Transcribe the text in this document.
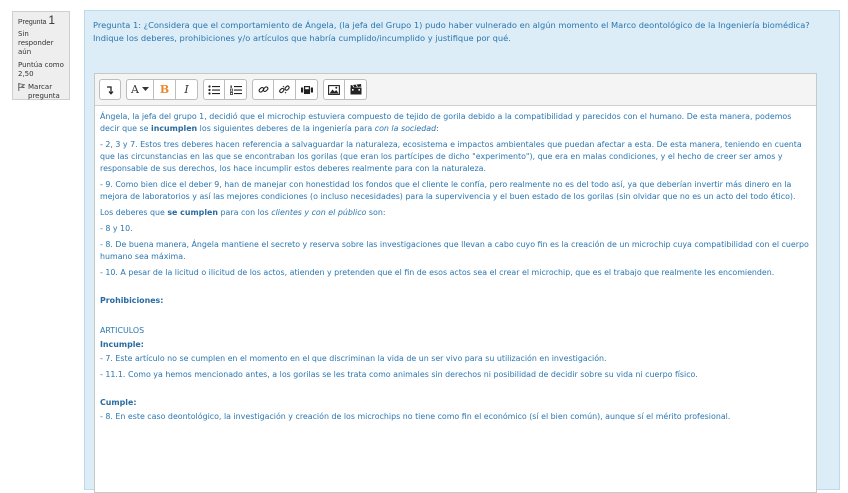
Pregunta 1
Sin responder aún
Puntúa como 2,50
Marcar pregunta
Pregunta 1: ¿Considera que el comportamiento de Ángela, (la jefa del Grupo 1) pudo haber vulnerado en algún momento el Marco deontológico de la Ingeniería biomédica? Indique los deberes, prohibiciones y/o artículos que habría cumplido/incumplido y justifique por qué.
A B I

Ángela, la jefa del grupo 1, decidió que el microchip estuviera compuesto de tejido de gorila debido a la compatibilidad y parecidos con el humano. De esta manera, podemos decir que se incumplen los siguientes deberes de la ingeniería para con la sociedad:

- 2, 3 y 7. Estos tres deberes hacen referencia a salvaguardar la naturaleza, ecosistema e impactos ambientales que puedan afectar a esta. De esta manera, teniendo en cuenta que las circunstancias en las que se encontraban los gorilas (que eran los partícipes de dicho "experimento"), que era en malas condiciones, y el hecho de creer ser amos y responsable de sus derechos, los hace incumplir estos deberes realmente para con la naturaleza.

- 9. Como bien dice el deber 9, han de manejar con honestidad los fondos que el cliente le confía, pero realmente no es del todo así, ya que deberían invertir más dinero en la mejora de laboratorios y así las mejores condiciones (o incluso necesidades) para la supervivencia y el buen estado de los gorilas (sin olvidar que no es un acto del todo ético).

Los deberes que se cumplen para con los clientes y con el público son:

- 8 y 10.

- 8. De buena manera, Ángela mantiene el secreto y reserva sobre las investigaciones que llevan a cabo cuyo fin es la creación de un microchip cuya compatibilidad con el cuerpo humano sea máxima.

- 10. A pesar de la licitud o ilicitud de los actos, atienden y pretenden que el fin de esos actos sea el crear el microchip, que es el trabajo que realmente les encomienden.

Prohibiciones:

ARTICULOS

Incumple:

- 7. Este artículo no se cumplen en el momento en el que discriminan la vida de un ser vivo para su utilización en investigación.

- 11.1. Como ya hemos mencionado antes, a los gorilas se les trata como animales sin derechos ni posibilidad de decidir sobre su vida ni cuerpo físico.

Cumple:

- 8. En este caso deontológico, la investigación y creación de los microchips no tiene como fin el económico (sí el bien común), aunque sí el mérito profesional.
